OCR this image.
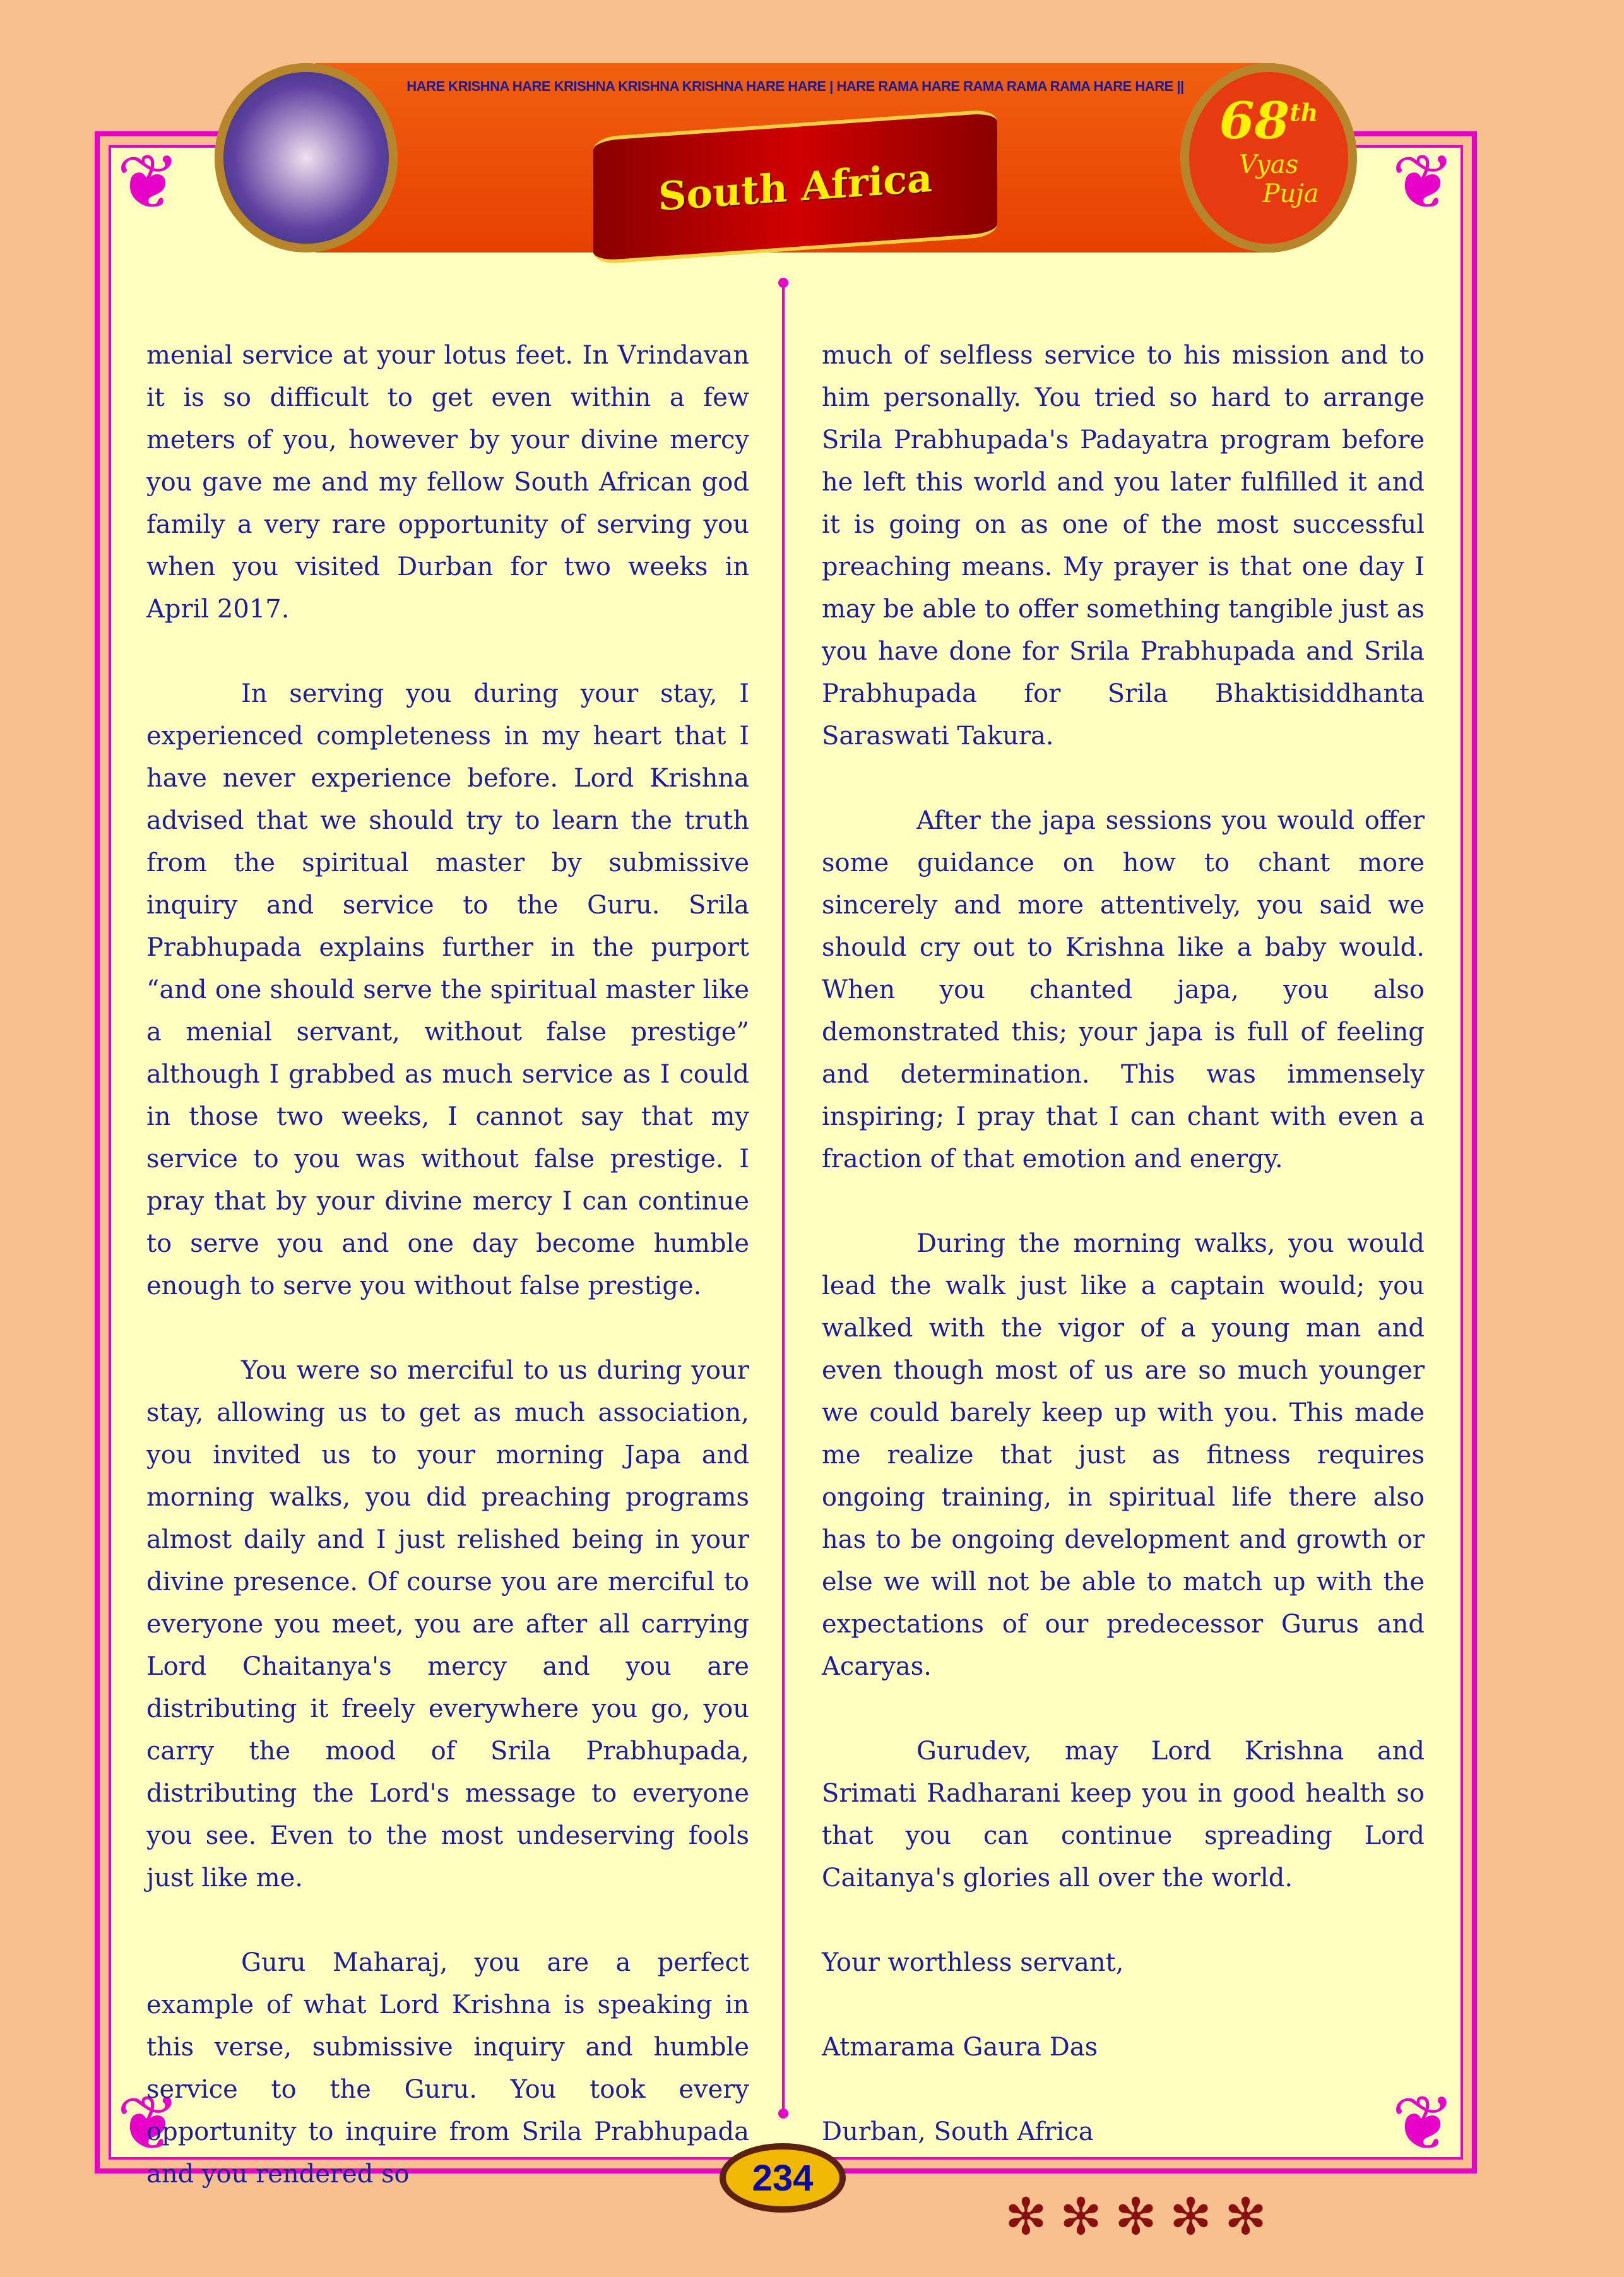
❦	❦
❦	❦
HARE KRISHNA HARE KRISHNA KRISHNA KRISHNA HARE HARE | HARE RAMA HARE RAMA RAMA RAMA HARE HARE ||
South Africa
68th
Vyas
Puja

menial service at your lotus feet. In Vrindavan it is so difficult to get even within a few meters of you, however by your divine mercy you gave me and my fellow South African god family a very rare opportunity of serving you when you visited Durban for two weeks in April 2017.

In serving you during your stay, I experienced completeness in my heart that I have never experience before. Lord Krishna advised that we should try to learn the truth from the spiritual master by submissive inquiry and service to the Guru. Srila Prabhupada explains further in the purport “and one should serve the spiritual master like a menial servant, without false prestige” although I grabbed as much service as I could in those two weeks, I cannot say that my service to you was without false prestige. I pray that by your divine mercy I can continue to serve you and one day become humble enough to serve you without false prestige.

You were so merciful to us during your stay, allowing us to get as much association, you invited us to your morning Japa and morning walks, you did preaching programs almost daily and I just relished being in your divine presence. Of course you are merciful to everyone you meet, you are after all carrying Lord Chaitanya's mercy and you are distributing it freely everywhere you go, you carry the mood of Srila Prabhupada, distributing the Lord's message to everyone you see. Even to the most undeserving fools just like me.

Guru Maharaj, you are a perfect example of what Lord Krishna is speaking in this verse, submissive inquiry and humble service to the Guru. You took every opportunity to inquire from Srila Prabhupada and you rendered so

much of selfless service to his mission and to him personally. You tried so hard to arrange Srila Prabhupada's Padayatra program before he left this world and you later fulfilled it and it is going on as one of the most successful preaching means. My prayer is that one day I may be able to offer something tangible just as you have done for Srila Prabhupada and Srila Prabhupada for Srila Bhaktisiddhanta Saraswati Takura.

After the japa sessions you would offer some guidance on how to chant more sincerely and more attentively, you said we should cry out to Krishna like a baby would. When you chanted japa, you also demonstrated this; your japa is full of feeling and determination. This was immensely inspiring; I pray that I can chant with even a fraction of that emotion and energy.

During the morning walks, you would lead the walk just like a captain would; you walked with the vigor of a young man and even though most of us are so much younger we could barely keep up with you. This made me realize that just as fitness requires ongoing training, in spiritual life there also has to be ongoing development and growth or else we will not be able to match up with the expectations of our predecessor Gurus and Acaryas.

Gurudev, may Lord Krishna and Srimati Radharani keep you in good health so that you can continue spreading Lord Caitanya's glories all over the world.

Your worthless servant,

Atmarama Gaura Das

Durban, South Africa

✻✻✻✻✻
234
